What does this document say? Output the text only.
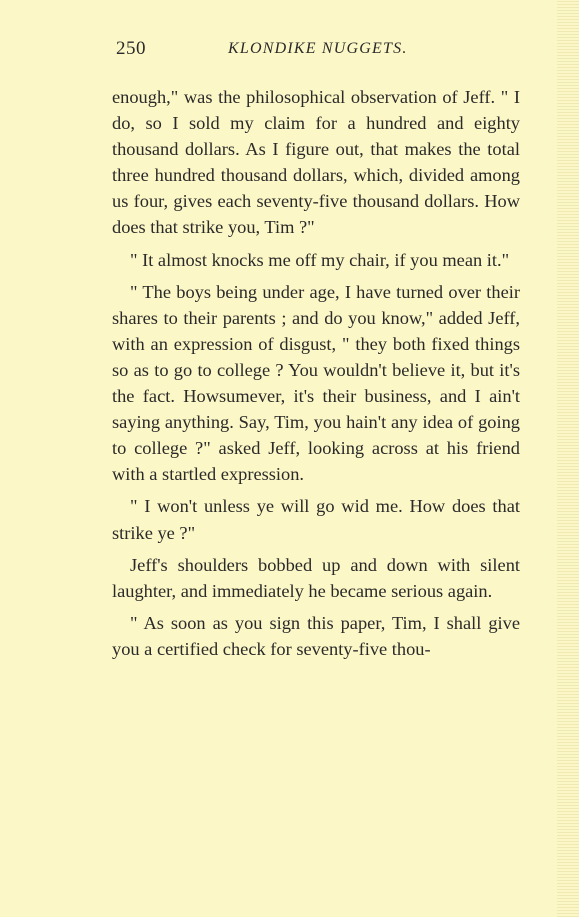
250	KLONDIKE NUGGETS.

enough," was the philosophical observation of Jeff. " I do, so I sold my claim for a hundred and eighty thousand dollars. As I figure out, that makes the total three hundred thousand dollars, which, divided among us four, gives each seventy-five thousand dollars. How does that strike you, Tim ?"

" It almost knocks me off my chair, if you mean it."

" The boys being under age, I have turned over their shares to their parents ; and do you know," added Jeff, with an expression of disgust, " they both fixed things so as to go to college ? You wouldn't believe it, but it's the fact. Howsumever, it's their business, and I ain't saying anything. Say, Tim, you hain't any idea of going to college ?" asked Jeff, looking across at his friend with a startled expression.

" I won't unless ye will go wid me. How does that strike ye ?"

Jeff's shoulders bobbed up and down with silent laughter, and immediately he became serious again.

" As soon as you sign this paper, Tim, I shall give you a certified check for seventy-five thou-
